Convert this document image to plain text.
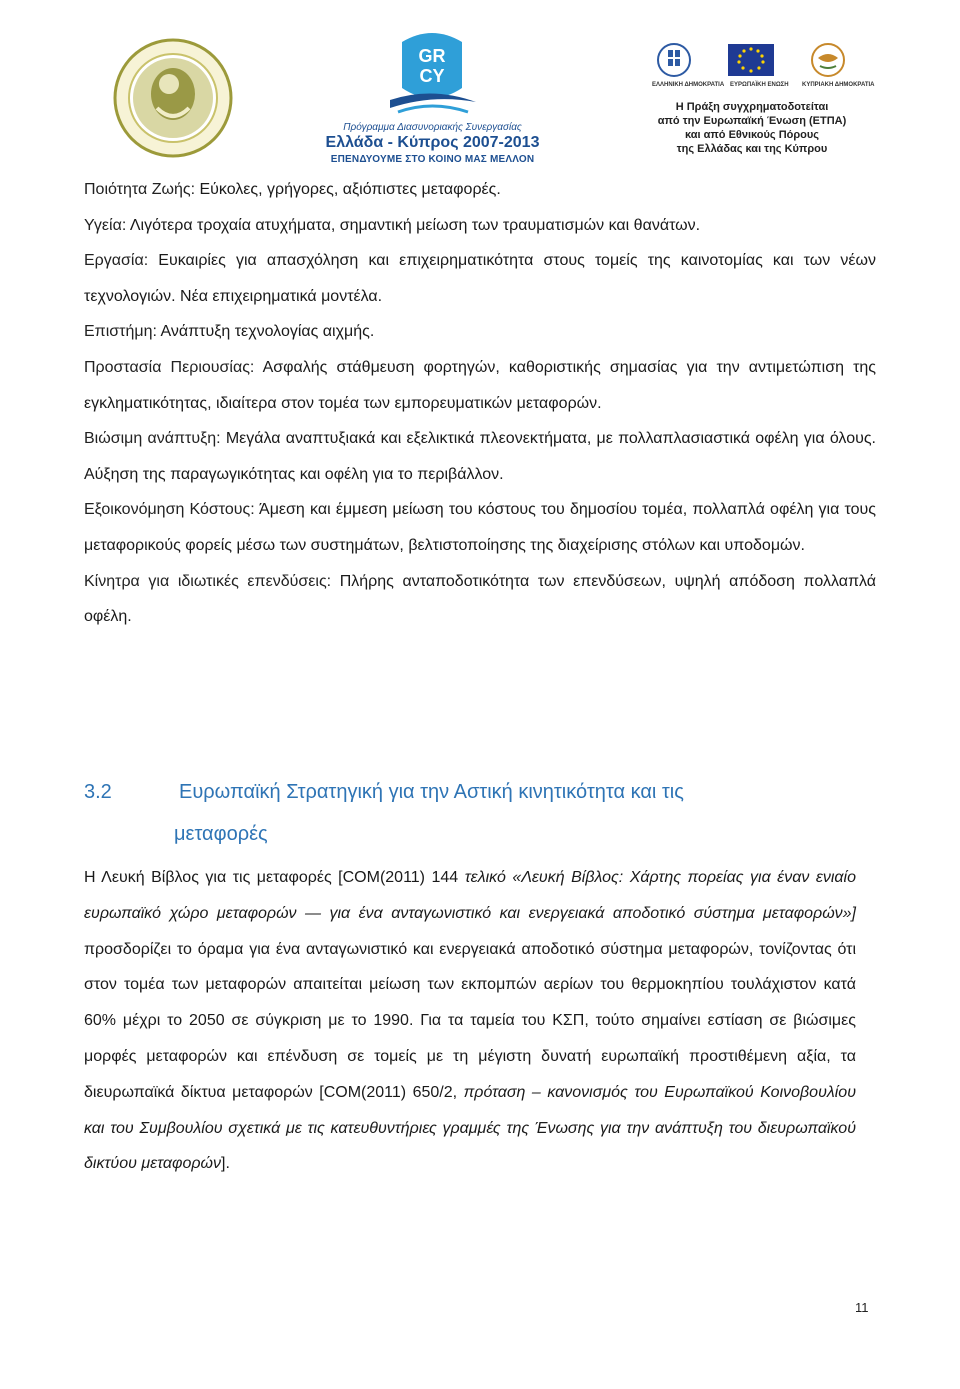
GR
CY
Πρόγραμμα Διασυνοριακής Συνεργασίας
Ελλάδα - Κύπρος 2007-2013
ΕΠΕΝΔΥΟΥΜΕ ΣΤΟ ΚΟΙΝΟ ΜΑΣ ΜΕΛΛΟΝ
ΕΛΛΗΝΙΚΗ ΔΗΜΟΚΡΑΤΙΑ ΕΥΡΩΠΑΪΚΗ ΕΝΩΣΗ ΚΥΠΡΙΑΚΗ ΔΗΜΟΚΡΑΤΙΑ
Η Πράξη συγχρηματοδοτείται
από την Ευρωπαϊκή Ένωση (ΕΤΠΑ)
και από Εθνικούς Πόρους
της Ελλάδας και της Κύπρου

Ποιότητα Ζωής: Εύκολες, γρήγορες, αξιόπιστες μεταφορές.

Υγεία: Λιγότερα τροχαία ατυχήματα, σημαντική μείωση των τραυματισμών και θανάτων.

Εργασία: Ευκαιρίες για απασχόληση και επιχειρηματικότητα στους τομείς της καινοτομίας και των νέων τεχνολογιών. Νέα επιχειρηματικά μοντέλα.

Επιστήμη: Ανάπτυξη τεχνολογίας αιχμής.

Προστασία Περιουσίας: Ασφαλής στάθμευση φορτηγών, καθοριστικής σημασίας για την αντιμετώπιση της εγκληματικότητας, ιδιαίτερα στον τομέα των εμπορευματικών μεταφορών.

Βιώσιμη ανάπτυξη: Μεγάλα αναπτυξιακά και εξελικτικά πλεονεκτήματα, με πολλαπλασιαστικά οφέλη για όλους. Αύξηση της παραγωγικότητας και οφέλη για το περιβάλλον.

Εξοικονόμηση Κόστους: Άμεση και έμμεση μείωση του κόστους του δημοσίου τομέα, πολλαπλά οφέλη για τους μεταφορικούς φορείς μέσω των συστημάτων, βελτιστοποίησης της διαχείρισης στόλων και υποδομών.

Κίνητρα για ιδιωτικές επενδύσεις: Πλήρης ανταποδοτικότητα των επενδύσεων, υψηλή απόδοση πολλαπλά οφέλη.

3.2	Ευρωπαϊκή Στρατηγική για την Αστική κινητικότητα και τις
μεταφορές

Η Λευκή Βίβλος για τις μεταφορές [COM(2011) 144 τελικό «Λευκή Βίβλος: Χάρτης πορείας για έναν ενιαίο ευρωπαϊκό χώρο μεταφορών — για ένα ανταγωνιστικό και ενεργειακά αποδοτικό σύστημα μεταφορών»] προσδορίζει το όραμα για ένα ανταγωνιστικό και ενεργειακά αποδοτικό σύστημα μεταφορών, τονίζοντας ότι στον τομέα των μεταφορών απαιτείται μείωση των εκπομπών αερίων του θερμοκηπίου τουλάχιστον κατά 60% μέχρι το 2050 σε σύγκριση με το 1990. Για τα ταμεία του ΚΣΠ, τούτο σημαίνει εστίαση σε βιώσιμες μορφές μεταφορών και επένδυση σε τομείς με τη μέγιστη δυνατή ευρωπαϊκή προστιθέμενη αξία, τα διευρωπαϊκά δίκτυα μεταφορών [COM(2011) 650/2, πρόταση – κανονισμός του Ευρωπαϊκού Κοινοβουλίου και του Συμβουλίου σχετικά με τις κατευθυντήριες γραμμές της Ένωσης για την ανάπτυξη του διευρωπαϊκού δικτύου μεταφορών].

11
